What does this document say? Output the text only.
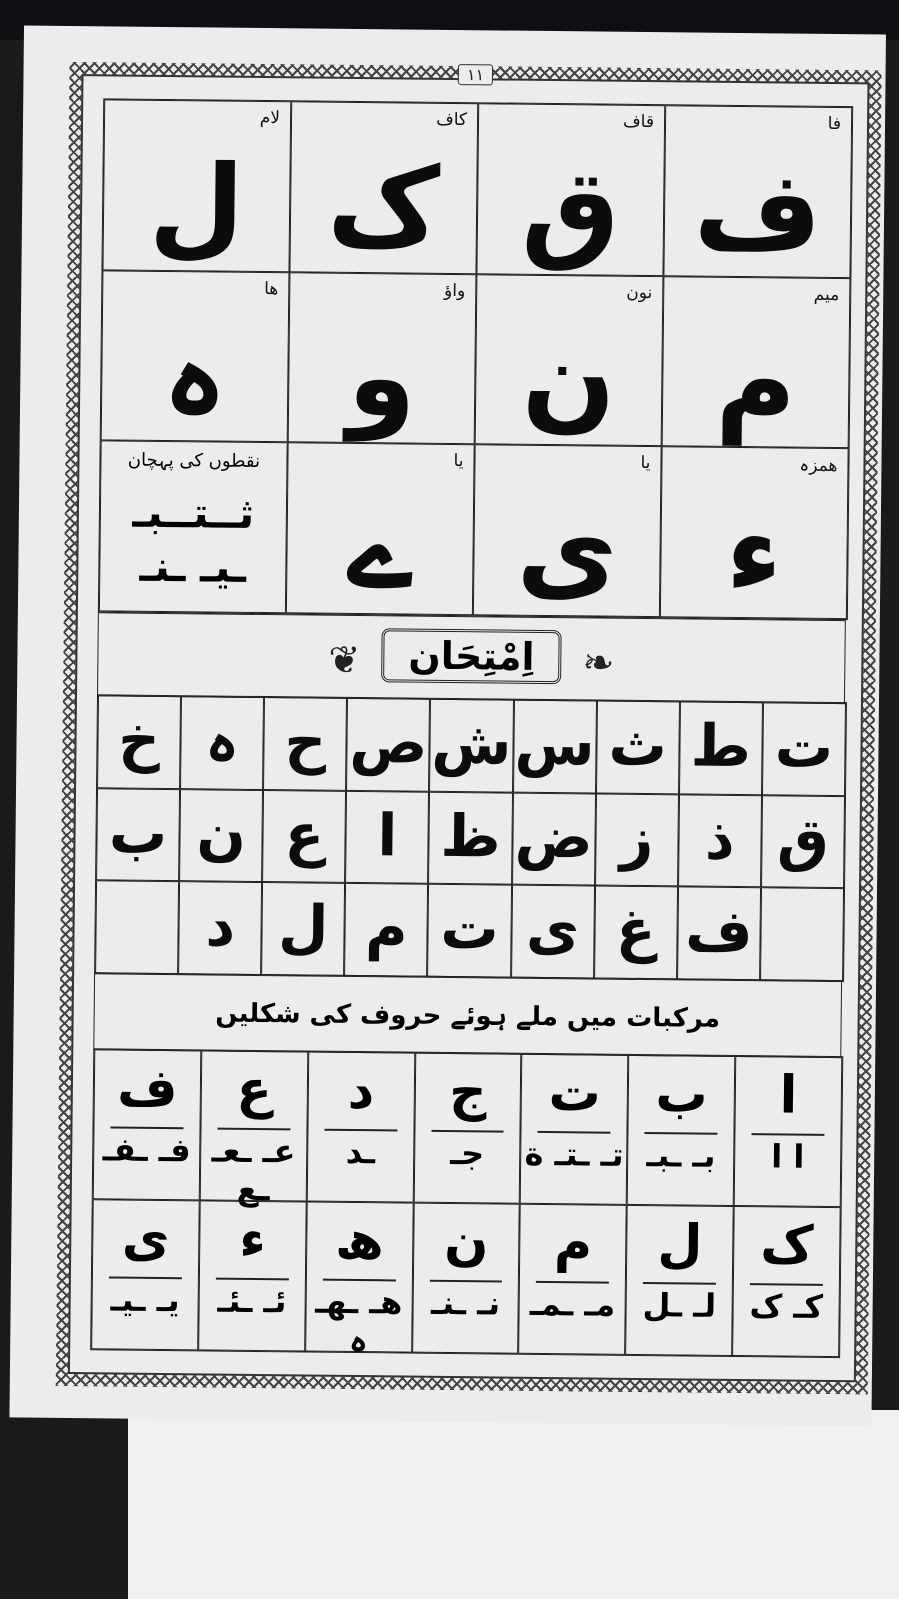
١١
فا
ف
قاف
ق
کاف
ک
لام
ل
میم
م
نون
ن
واؤ
و
ھا
ہ
ھمزہ
ء
یا
ی
یا
ے
نقطوں کی پہچان
ثــتــبـ
ـیـ ـنـ
❦	اِمْتِحَان	❧
ت
ط
ث
س
ش
ص
ح
ہ
خ
ق
ذ
ز
ض
ظ
ا
ع
ن
ب
ف
غ
ی
ت
م
ل
د
مرکبات میں ملے ہوئے حروف کی شکلیں
ا
ا ا
ب
بـ ـبـ
ت
تـ ـتـ ة
ج
جـ
د
ـد
ع
عـ ـعـ ـع
ف
فـ ـفـ
ک
کـ ک
ل
لـ ـل
م
مـ ـمـ
ن
نـ ـنـ
ھ
ھـ ـھـ ہ
ء
ئـ ـئـ
ی
یـ ـیـ
